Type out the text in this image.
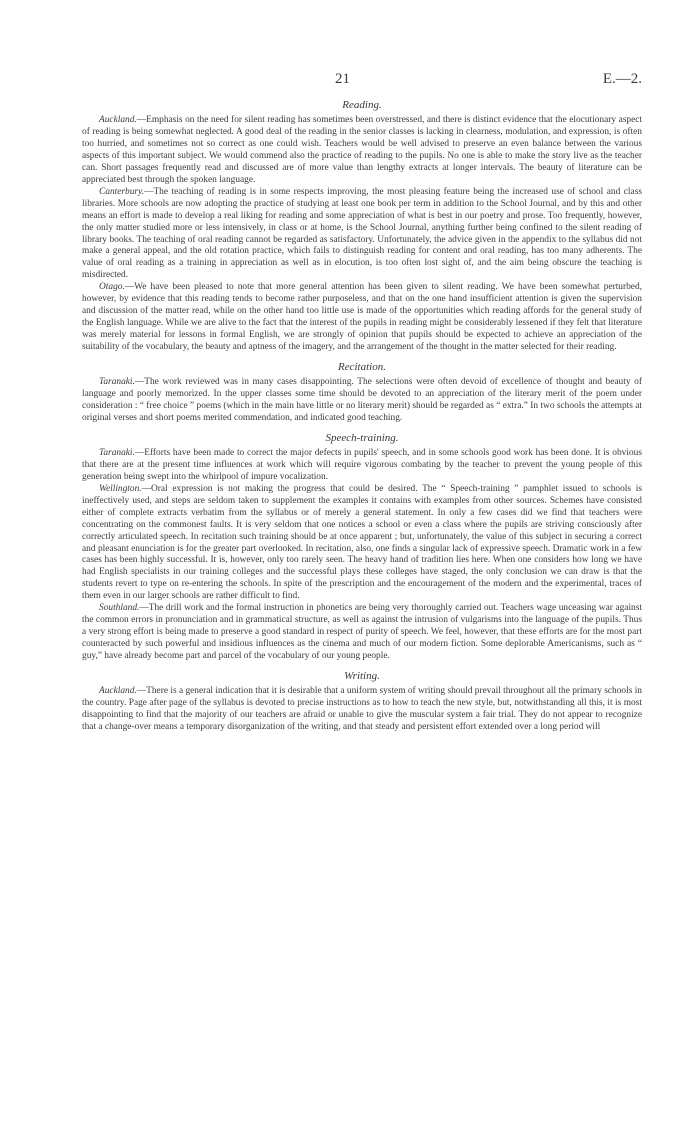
21	E.—2.
Reading.

Auckland.—Emphasis on the need for silent reading has sometimes been overstressed, and there is distinct evidence that the elocutionary aspect of reading is being somewhat neglected. A good deal of the reading in the senior classes is lacking in clearness, modulation, and expression, is often too hurried, and sometimes not so correct as one could wish. Teachers would be well advised to preserve an even balance between the various aspects of this important subject. We would commend also the practice of reading to the pupils. No one is able to make the story live as the teacher can. Short passages frequently read and discussed are of more value than lengthy extracts at longer intervals. The beauty of literature can be appreciated best through the spoken language.

Canterbury.—The teaching of reading is in some respects improving, the most pleasing feature being the increased use of school and class libraries. More schools are now adopting the practice of studying at least one book per term in addition to the School Journal, and by this and other means an effort is made to develop a real liking for reading and some appreciation of what is best in our poetry and prose. Too frequently, however, the only matter studied more or less intensively, in class or at home, is the School Journal, anything further being confined to the silent reading of library books. The teaching of oral reading cannot be regarded as satisfactory. Unfortunately, the advice given in the appendix to the syllabus did not make a general appeal, and the old rotation practice, which fails to distinguish reading for content and oral reading, has too many adherents. The value of oral reading as a training in appreciation as well as in elocution, is too often lost sight of, and the aim being obscure the teaching is misdirected.

Otago.—We have been pleased to note that more general attention has been given to silent reading. We have been somewhat perturbed, however, by evidence that this reading tends to become rather purposeless, and that on the one hand insufficient attention is given the supervision and discussion of the matter read, while on the other hand too little use is made of the opportunities which reading affords for the general study of the English language. While we are alive to the fact that the interest of the pupils in reading might be considerably lessened if they felt that literature was merely material for lessons in formal English, we are strongly of opinion that pupils should be expected to achieve an appreciation of the suitability of the vocabulary, the beauty and aptness of the imagery, and the arrangement of the thought in the matter selected for their reading.

Recitation.

Taranaki.—The work reviewed was in many cases disappointing. The selections were often devoid of excellence of thought and beauty of language and poorly memorized. In the upper classes some time should be devoted to an appreciation of the literary merit of the poem under consideration : “ free choice ” poems (which in the main have little or no literary merit) should be regarded as “ extra.” In two schools the attempts at original verses and short poems merited commendation, and indicated good teaching.

Speech-training.

Taranaki.—Efforts have been made to correct the major defects in pupils' speech, and in some schools good work has been done. It is obvious that there are at the present time influences at work which will require vigorous combating by the teacher to prevent the young people of this generation being swept into the whirlpool of impure vocalization.

Wellington.—Oral expression is not making the progress that could be desired. The “ Speech-training ” pamphlet issued to schools is ineffectively used, and steps are seldom taken to supplement the examples it contains with examples from other sources. Schemes have consisted either of complete extracts verbatim from the syllabus or of merely a general statement. In only a few cases did we find that teachers were concentrating on the commonest faults. It is very seldom that one notices a school or even a class where the pupils are striving consciously after correctly articulated speech. In recitation such training should be at once apparent ; but, unfortunately, the value of this subject in securing a correct and pleasant enunciation is for the greater part overlooked. In recitation, also, one finds a singular lack of expressive speech. Dramatic work in a few cases has been highly successful. It is, however, only too rarely seen. The heavy hand of tradition lies here. When one considers how long we have had English specialists in our training colleges and the successful plays these colleges have staged, the only conclusion we can draw is that the students revert to type on re-entering the schools. In spite of the prescription and the encouragement of the modern and the experimental, traces of them even in our larger schools are rather difficult to find.

Southland.—The drill work and the formal instruction in phonetics are being very thoroughly carried out. Teachers wage unceasing war against the common errors in pronunciation and in grammatical structure, as well as against the intrusion of vulgarisms into the language of the pupils. Thus a very strong effort is being made to preserve a good standard in respect of purity of speech. We feel, however, that these efforts are for the most part counteracted by such powerful and insidious influences as the cinema and much of our modern fiction. Some deplorable Americanisms, such as “ guy,” have already become part and parcel of the vocabulary of our young people.

Writing.

Auckland.—There is a general indication that it is desirable that a uniform system of writing should prevail throughout all the primary schools in the country. Page after page of the syllabus is devoted to precise instructions as to how to teach the new style, but, notwithstanding all this, it is most disappointing to find that the majority of our teachers are afraid or unable to give the muscular system a fair trial. They do not appear to recognize that a change-over means a temporary disorganization of the writing, and that steady and persistent effort extended over a long period will
